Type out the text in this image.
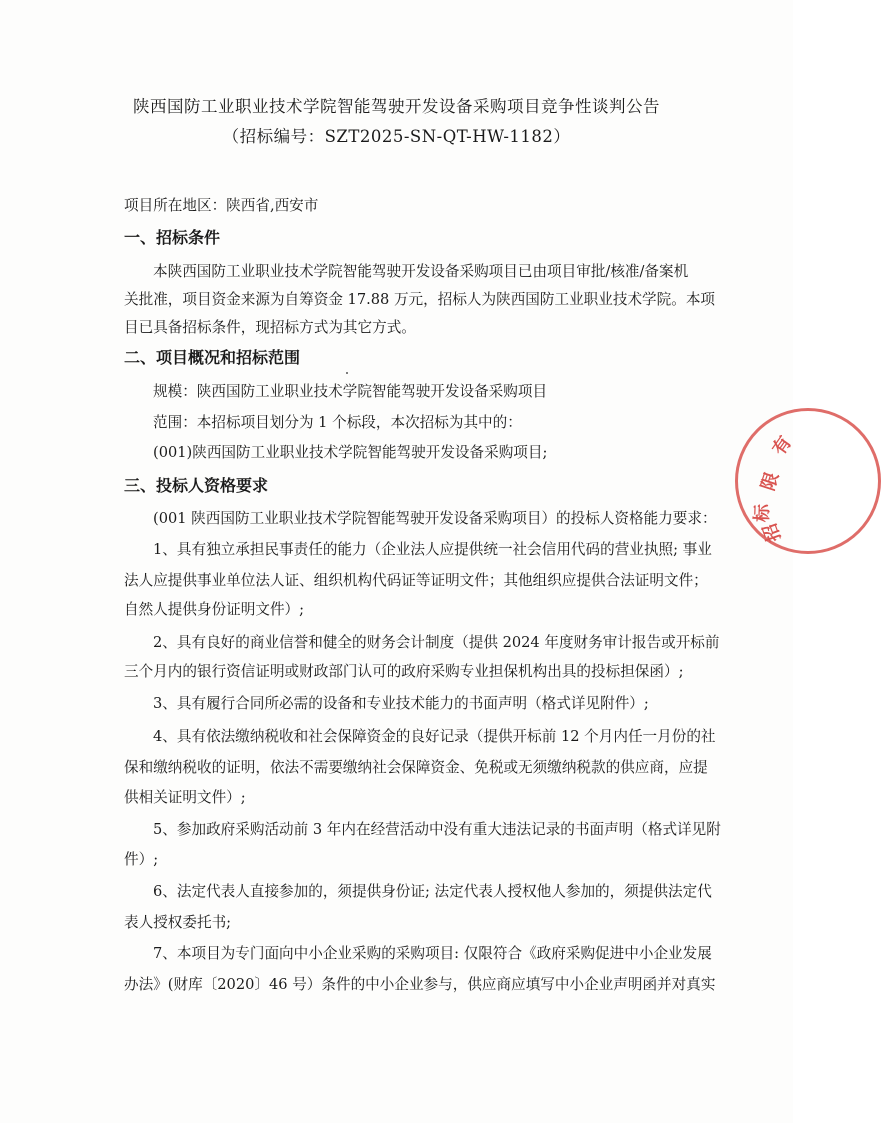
陕西国防工业职业技术学院智能驾驶开发设备采购项目竞争性谈判公告
（招标编号：SZT2025-SN-QT-HW-1182）
项目所在地区：陕西省,西安市
一、招标条件
本陕西国防工业职业技术学院智能驾驶开发设备采购项目已由项目审批/核准/备案机
关批准，项目资金来源为自筹资金 17.88 万元，招标人为陕西国防工业职业技术学院。本项
目已具备招标条件，现招标方式为其它方式。
二、项目概况和招标范围
规模：陕西国防工业职业技术学院智能驾驶开发设备采购项目
范围：本招标项目划分为 1 个标段，本次招标为其中的：
(001)陕西国防工业职业技术学院智能驾驶开发设备采购项目;
三、投标人资格要求
(001 陕西国防工业职业技术学院智能驾驶开发设备采购项目）的投标人资格能力要求：
1、具有独立承担民事责任的能力（企业法人应提供统一社会信用代码的营业执照; 事业
法人应提供事业单位法人证、组织机构代码证等证明文件；其他组织应提供合法证明文件；
自然人提供身份证明文件）;
2、具有良好的商业信誉和健全的财务会计制度（提供 2024 年度财务审计报告或开标前
三个月内的银行资信证明或财政部门认可的政府采购专业担保机构出具的投标担保函）;
3、具有履行合同所必需的设备和专业技术能力的书面声明（格式详见附件）;
4、具有依法缴纳税收和社会保障资金的良好记录（提供开标前 12 个月内任一月份的社
保和缴纳税收的证明，依法不需要缴纳社会保障资金、免税或无须缴纳税款的供应商，应提
供相关证明文件）;
5、参加政府采购活动前 3 年内在经营活动中没有重大违法记录的书面声明（格式详见附
件）;
6、法定代表人直接参加的，须提供身份证; 法定代表人授权他人参加的，须提供法定代
表人授权委托书;
7、本项目为专门面向中小企业采购的采购项目: 仅限符合《政府采购促进中小企业发展
办法》(财库〔2020〕46 号）条件的中小企业参与，供应商应填写中小企业声明函并对真实
有
限
标
招
